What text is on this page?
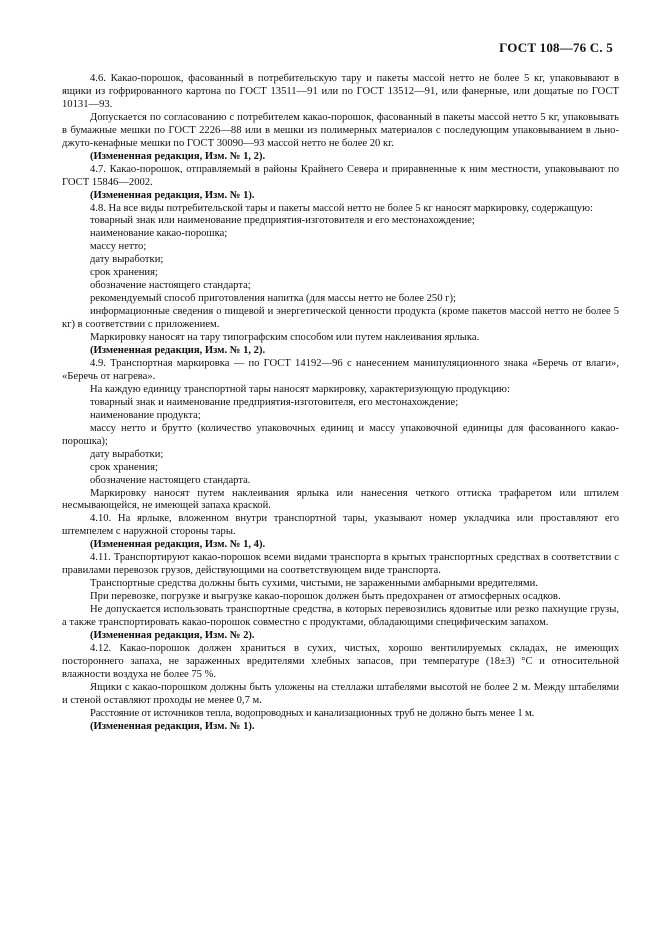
ГОСТ 108—76 С. 5

4.6. Какао-порошок, фасованный в потребительскую тару и пакеты массой нетто не более 5 кг, упаковывают в ящики из гофрированного картона по ГОСТ 13511—91 или по ГОСТ 13512—91, или фанерные, или дощатые по ГОСТ 10131—93.

Допускается по согласованию с потребителем какао-порошок, фасованный в пакеты массой нетто 5 кг, упаковывать в бумажные мешки по ГОСТ 2226—88 или в мешки из полимерных материалов с последующим упаковыванием в льно-джуто-кенафные мешки по ГОСТ 30090—93 массой нетто не более 20 кг.

(Измененная редакция, Изм. № 1, 2).

4.7. Какао-порошок, отправляемый в районы Крайнего Севера и приравненные к ним местности, упаковывают по ГОСТ 15846—2002.

(Измененная редакция, Изм. № 1).

4.8. На все виды потребительской тары и пакеты массой нетто не более 5 кг наносят маркировку, содержащую:

товарный знак или наименование предприятия-изготовителя и его местонахождение;

наименование какао-порошка;

массу нетто;

дату выработки;

срок хранения;

обозначение настоящего стандарта;

рекомендуемый способ приготовления напитка (для массы нетто не более 250 г);

информационные сведения о пищевой и энергетической ценности продукта (кроме пакетов массой нетто не более 5 кг) в соответствии с приложением.

Маркировку наносят на тару типографским способом или путем наклеивания ярлыка.

(Измененная редакция, Изм. № 1, 2).

4.9. Транспортная маркировка — по ГОСТ 14192—96 с нанесением манипуляционного знака «Беречь от влаги», «Беречь от нагрева».

На каждую единицу транспортной тары наносят маркировку, характеризующую продукцию:

товарный знак и наименование предприятия-изготовителя, его местонахождение;

наименование продукта;

массу нетто и брутто (количество упаковочных единиц и массу упаковочной единицы для фасованного какао-порошка);

дату выработки;

срок хранения;

обозначение настоящего стандарта.

Маркировку наносят путем наклеивания ярлыка или нанесения четкого оттиска трафаретом или штилем несмывающейся, не имеющей запаха краской.

4.10. На ярлыке, вложенном внутри транспортной тары, указывают номер укладчика или проставляют его штемпелем с наружной стороны тары.

(Измененная редакция, Изм. № 1, 4).

4.11. Транспортируют какао-порошок всеми видами транспорта в крытых транспортных средствах в соответствии с правилами перевозок грузов, действующими на соответствующем виде транспорта.

Транспортные средства должны быть сухими, чистыми, не зараженными амбарными вредителями.

При перевозке, погрузке и выгрузке какао-порошок должен быть предохранен от атмосферных осадков.

Не допускается использовать транспортные средства, в которых перевозились ядовитые или резко пахнущие грузы, а также транспортировать какао-порошок совместно с продуктами, обладающими специфическим запахом.

(Измененная редакция, Изм. № 2).

4.12. Какао-порошок должен храниться в сухих, чистых, хорошо вентилируемых складах, не имеющих постороннего запаха, не зараженных вредителями хлебных запасов, при температуре (18±3) °С и относительной влажности воздуха не более 75 %.

Ящики с какао-порошком должны быть уложены на стеллажи штабелями высотой не более 2 м. Между штабелями и стеной оставляют проходы не менее 0,7 м.

Расстояние от источников тепла, водопроводных и канализационных труб не должно быть менее 1 м.

(Измененная редакция, Изм. № 1).
